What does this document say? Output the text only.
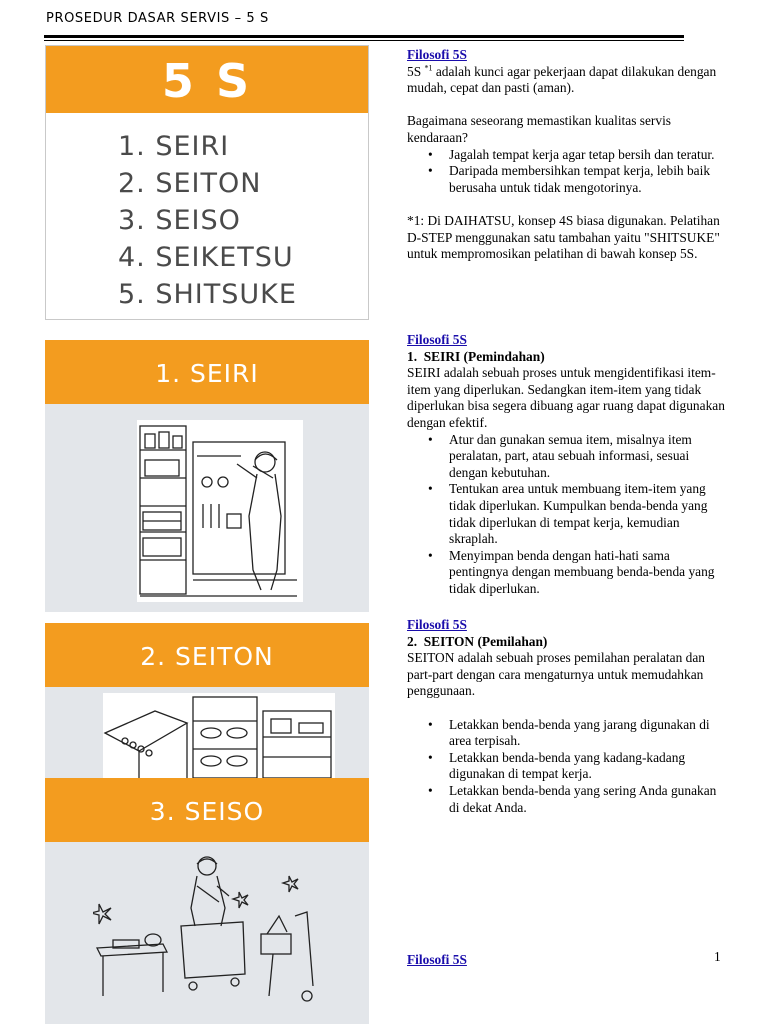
PROSEDUR DASAR SERVIS – 5 S
5 S
1. SEIRI
2. SEITON
3. SEISO
4. SEIKETSU
5. SHITSUKE
1. SEIRI
2. SEITON
3. SEISO

Filosofi 5S

5S $^{*1}$ adalah kunci agar pekerjaan dapat dilakukan dengan mudah, cepat dan pasti (aman).

Bagaimana seseorang memastikan kualitas servis kendaraan?

• Jagalah tempat kerja agar tetap bersih dan teratur.
• Daripada membersihkan tempat kerja, lebih baik berusaha untuk tidak mengotorinya.

*1: Di DAIHATSU, konsep 4S biasa digunakan. Pelatihan D-STEP menggunakan satu tambahan yaitu "SHITSUKE" untuk mempromosikan pelatihan di bawah konsep 5S.

Filosofi 5S

1.  SEIRI (Pemindahan)

SEIRI adalah sebuah proses untuk mengidentifikasi item-item yang diperlukan. Sedangkan item-item yang tidak diperlukan bisa segera dibuang agar ruang dapat digunakan dengan efektif.

• Atur dan gunakan semua item, misalnya item peralatan, part, atau sebuah informasi, sesuai dengan kebutuhan.
• Tentukan area untuk membuang item-item yang tidak diperlukan. Kumpulkan benda-benda yang tidak diperlukan di tempat kerja, kemudian skraplah.
• Menyimpan benda dengan hati-hati sama pentingnya dengan membuang benda-benda yang tidak diperlukan.

Filosofi 5S

2.  SEITON (Pemilahan)

SEITON adalah sebuah proses pemilahan peralatan dan part-part dengan cara mengaturnya untuk memudahkan penggunaan.

• Letakkan benda-benda yang jarang digunakan di area terpisah.
• Letakkan benda-benda yang kadang-kadang digunakan di tempat kerja.
• Letakkan benda-benda yang sering Anda gunakan di dekat Anda.

Filosofi 5S	1
